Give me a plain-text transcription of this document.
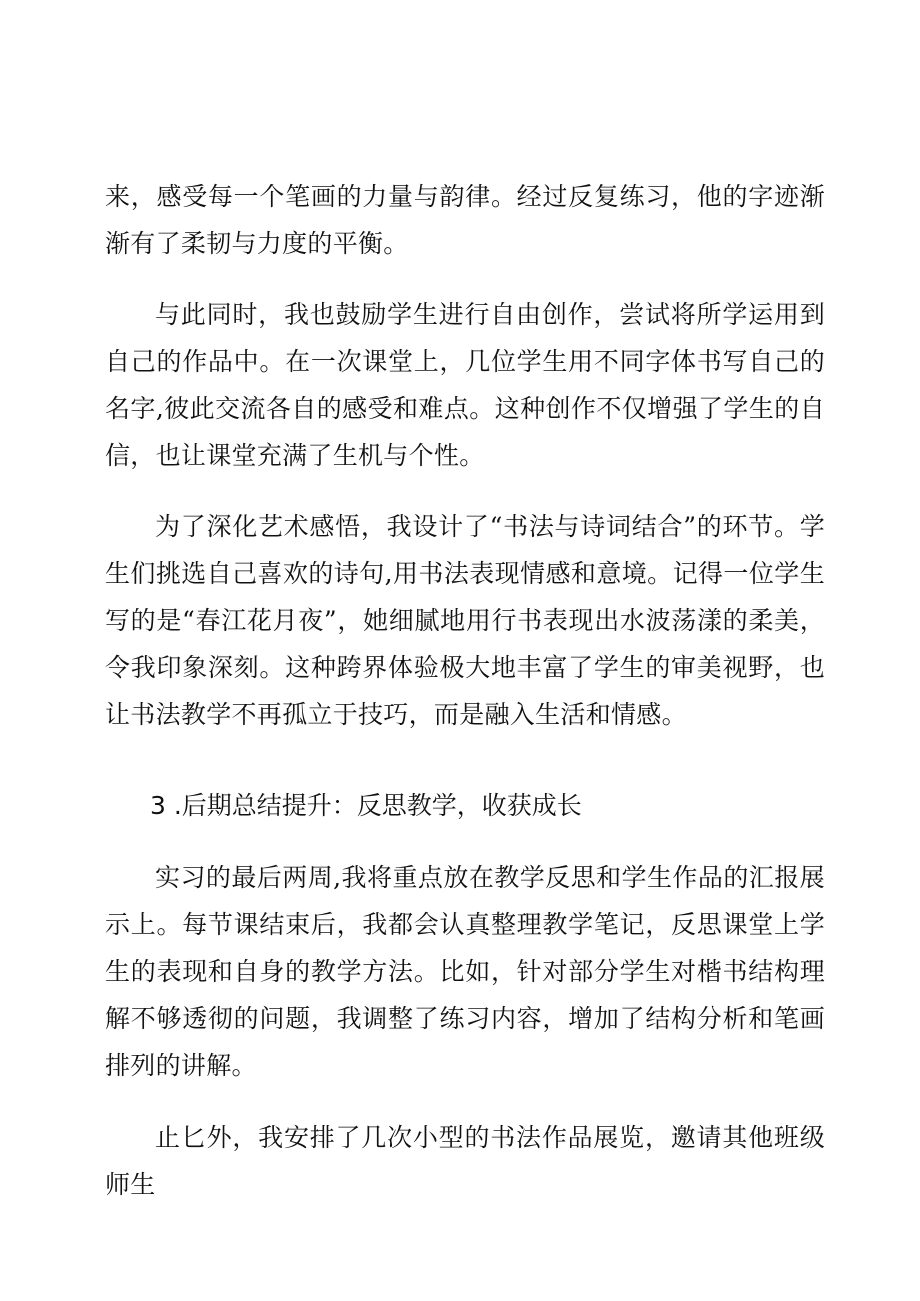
来，感受每一个笔画的力量与韵律。经过反复练习，他的字迹渐渐有了柔韧与力度的平衡。

与此同时，我也鼓励学生进行自由创作，尝试将所学运用到自己的作品中。在一次课堂上，几位学生用不同字体书写自己的名字,彼此交流各自的感受和难点。这种创作不仅增强了学生的自信，也让课堂充满了生机与个性。

为了深化艺术感悟，我设计了“书法与诗词结合”的环节。学生们挑选自己喜欢的诗句,用书法表现情感和意境。记得一位学生写的是“春江花月夜”，她细腻地用行书表现出水波荡漾的柔美，令我印象深刻。这种跨界体验极大地丰富了学生的审美视野，也让书法教学不再孤立于技巧，而是融入生活和情感。

3 .后期总结提升：反思教学，收获成长

实习的最后两周,我将重点放在教学反思和学生作品的汇报展示上。每节课结束后，我都会认真整理教学笔记，反思课堂上学生的表现和自身的教学方法。比如，针对部分学生对楷书结构理解不够透彻的问题，我调整了练习内容，增加了结构分析和笔画排列的讲解。

止匕外，我安排了几次小型的书法作品展览，邀请其他班级师生
